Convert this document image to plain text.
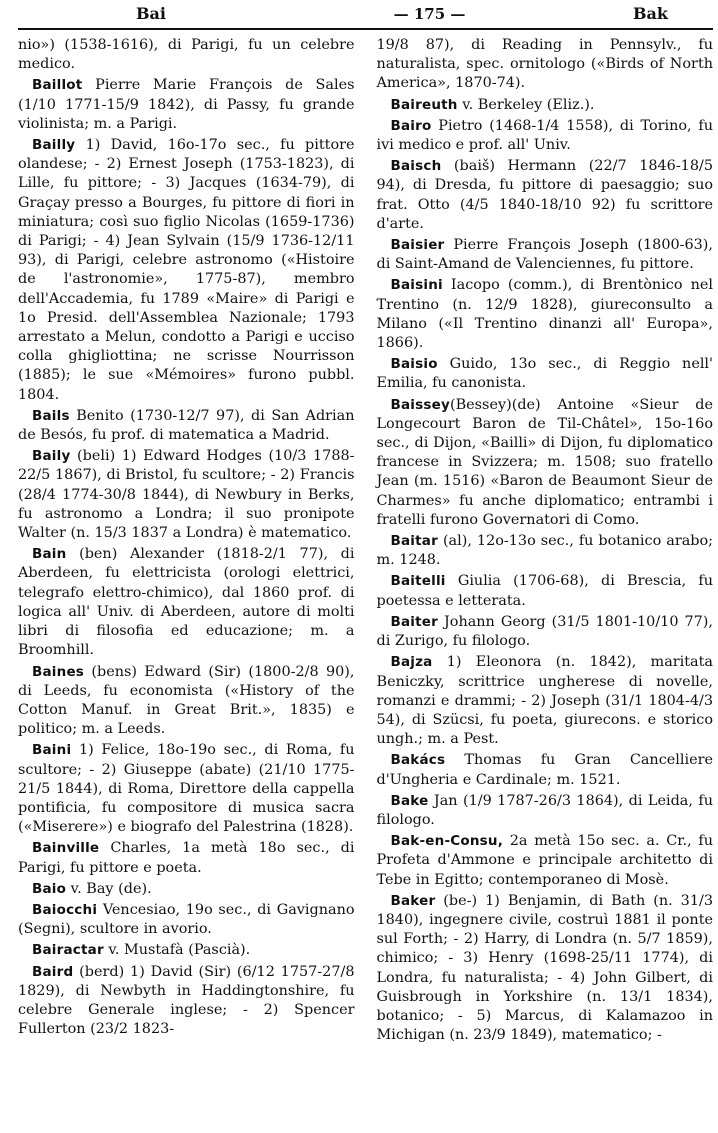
Bai	— 175 —	Bak

nio») (1538-1616), di Parigi, fu un celebre medico.

Baillot Pierre Marie François de Sales (1/10 1771-15/9 1842), di Passy, fu grande violinista; m. a Parigi.

Bailly 1) David, 16o-17o sec., fu pittore olandese; - 2) Ernest Joseph (1753-1823), di Lille, fu pittore; - 3) Jacques (1634-79), di Graçay presso a Bourges, fu pittore di fiori in miniatura; così suo figlio Nicolas (1659-1736) di Parigi; - 4) Jean Sylvain (15/9 1736-12/11 93), di Parigi, celebre astronomo («Histoire de l'astronomie», 1775-87), membro dell'Accademia, fu 1789 «Maire» di Parigi e 1o Presid. dell'Assemblea Nazionale; 1793 arrestato a Melun, condotto a Parigi e ucciso colla ghigliottina; ne scrisse Nourrisson (1885); le sue «Mémoires» furono pubbl. 1804.

Bails Benito (1730-12/7 97), di San Adrian de Besós, fu prof. di matematica a Madrid.

Baily (beli) 1) Edward Hodges (10/3 1788-22/5 1867), di Bristol, fu scultore; - 2) Francis (28/4 1774-30/8 1844), di Newbury in Berks, fu astronomo a Londra; il suo pronipote Walter (n. 15/3 1837 a Londra) è matematico.

Bain (ben) Alexander (1818-2/1 77), di Aberdeen, fu elettricista (orologi elettrici, telegrafo elettro-chimico), dal 1860 prof. di logica all' Univ. di Aberdeen, autore di molti libri di filosofia ed educazione; m. a Broomhill.

Baines (bens) Edward (Sir) (1800-2/8 90), di Leeds, fu economista («History of the Cotton Manuf. in Great Brit.», 1835) e politico; m. a Leeds.

Baini 1) Felice, 18o-19o sec., di Roma, fu scultore; - 2) Giuseppe (abate) (21/10 1775-21/5 1844), di Roma, Direttore della cappella pontificia, fu compositore di musica sacra («Miserere») e biografo del Palestrina (1828).

Bainville Charles, 1a metà 18o sec., di Parigi, fu pittore e poeta.

Baio v. Bay (de).

Baiocchi Vencesiao, 19o sec., di Gavignano (Segni), scultore in avorio.

Bairactar v. Mustafà (Pascià).

Baird (berd) 1) David (Sir) (6/12 1757-27/8 1829), di Newbyth in Haddingtonshire, fu celebre Generale inglese; - 2) Spencer Fullerton (23/2 1823-

19/8 87), di Reading in Pennsylv., fu naturalista, spec. ornitologo («Birds of North America», 1870-74).

Baireuth v. Berkeley (Eliz.).

Bairo Pietro (1468-1/4 1558), di Torino, fu ivi medico e prof. all' Univ.

Baisch (baiš) Hermann (22/7 1846-18/5 94), di Dresda, fu pittore di paesaggio; suo frat. Otto (4/5 1840-18/10 92) fu scrittore d'arte.

Baisier Pierre François Joseph (1800-63), di Saint-Amand de Valenciennes, fu pittore.

Baisini Iacopo (comm.), di Brentònico nel Trentino (n. 12/9 1828), giureconsulto a Milano («Il Trentino dinanzi all' Europa», 1866).

Baisio Guido, 13o sec., di Reggio nell' Emilia, fu canonista.

Baissey(Bessey)(de) Antoine «Sieur de Longecourt Baron de Til-Châtel», 15o-16o sec., di Dijon, «Bailli» di Dijon, fu diplomatico francese in Svizzera; m. 1508; suo fratello Jean (m. 1516) «Baron de Beaumont Sieur de Charmes» fu anche diplomatico; entrambi i fratelli furono Governatori di Como.

Baitar (al), 12o-13o sec., fu botanico arabo; m. 1248.

Baitelli Giulia (1706-68), di Brescia, fu poetessa e letterata.

Baiter Johann Georg (31/5 1801-10/10 77), di Zurigo, fu filologo.

Bajza 1) Eleonora (n. 1842), maritata Beniczky, scrittrice ungherese di novelle, romanzi e drammi; - 2) Joseph (31/1 1804-4/3 54), di Szücsi, fu poeta, giurecons. e storico ungh.; m. a Pest.

Bakács Thomas fu Gran Cancelliere d'Ungheria e Cardinale; m. 1521.

Bake Jan (1/9 1787-26/3 1864), di Leida, fu filologo.

Bak-en-Consu, 2a metà 15o sec. a. Cr., fu Profeta d'Ammone e principale architetto di Tebe in Egitto; contemporaneo di Mosè.

Baker (be-) 1) Benjamin, di Bath (n. 31/3 1840), ingegnere civile, costruì 1881 il ponte sul Forth; - 2) Harry, di Londra (n. 5/7 1859), chimico; - 3) Henry (1698-25/11 1774), di Londra, fu naturalista; - 4) John Gilbert, di Guisbrough in Yorkshire (n. 13/1 1834), botanico; - 5) Marcus, di Kalamazoo in Michigan (n. 23/9 1849), matematico; -
